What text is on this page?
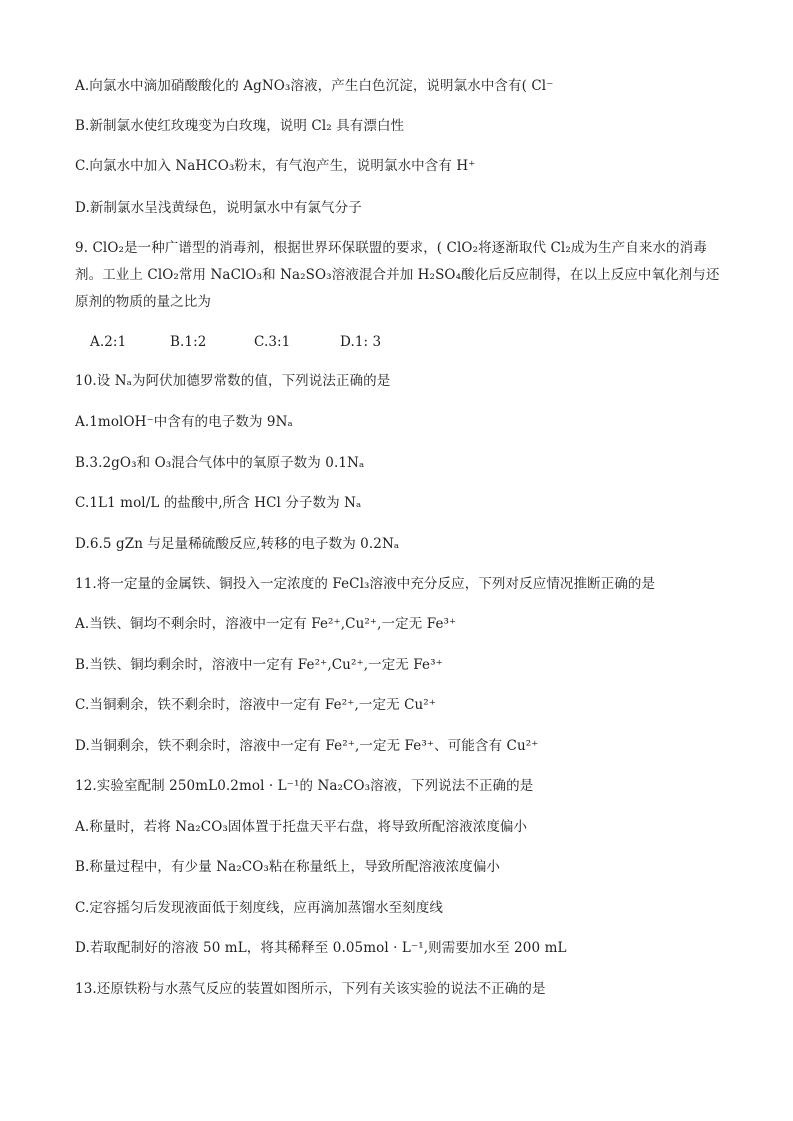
A.向氯水中滴加硝酸酸化的 AgNO₃溶液，产生白色沉淀，说明氯水中含有( Cl⁻
B.新制氯水使红玫瑰变为白玫瑰，说明 Cl₂ 具有漂白性
C.向氯水中加入 NaHCO₃粉末，有气泡产生，说明氯水中含有 H⁺
D.新制氯水呈浅黄绿色，说明氯水中有氯气分子
9. ClO₂是一种广谱型的消毒剂，根据世界环保联盟的要求，( ClO₂将逐渐取代 Cl₂成为生产自来水的消毒
剂。工业上 ClO₂常用 NaClO₃和 Na₂SO₃溶液混合并加 H₂SO₄酸化后反应制得，在以上反应中氧化剂与还
原剂的物质的量之比为
A.2:1	B.1:2	C.3:1	D.1: 3
10.设 Nₐ为阿伏加德罗常数的值，下列说法正确的是
A.1molOH⁻中含有的电子数为 9Nₐ
B.3.2gO₃和 O₃混合气体中的氧原子数为 0.1Nₐ
C.1L1 mol/L 的盐酸中,所含 HCl 分子数为 Nₐ
D.6.5 gZn 与足量稀硫酸反应,转移的电子数为 0.2Nₐ
11.将一定量的金属铁、铜投入一定浓度的 FeCl₃溶液中充分反应，下列对反应情况推断正确的是
A.当铁、铜均不剩余时，溶液中一定有 Fe²⁺,Cu²⁺,一定无 Fe³⁺
B.当铁、铜均剩余时，溶液中一定有 Fe²⁺,Cu²⁺,一定无 Fe³⁺
C.当铜剩余，铁不剩余时，溶液中一定有 Fe²⁺,一定无 Cu²⁺
D.当铜剩余，铁不剩余时，溶液中一定有 Fe²⁺,一定无 Fe³⁺、可能含有 Cu²⁺
12.实验室配制 250mL0.2mol · L⁻¹的 Na₂CO₃溶液，下列说法不正确的是
A.称量时，若将 Na₂CO₃固体置于托盘天平右盘，将导致所配溶液浓度偏小
B.称量过程中，有少量 Na₂CO₃粘在称量纸上，导致所配溶液浓度偏小
C.定容摇匀后发现液面低于刻度线，应再滴加蒸馏水至刻度线
D.若取配制好的溶液 50 mL，将其稀释至 0.05mol · L⁻¹,则需要加水至 200 mL
13.还原铁粉与水蒸气反应的装置如图所示，下列有关该实验的说法不正确的是
